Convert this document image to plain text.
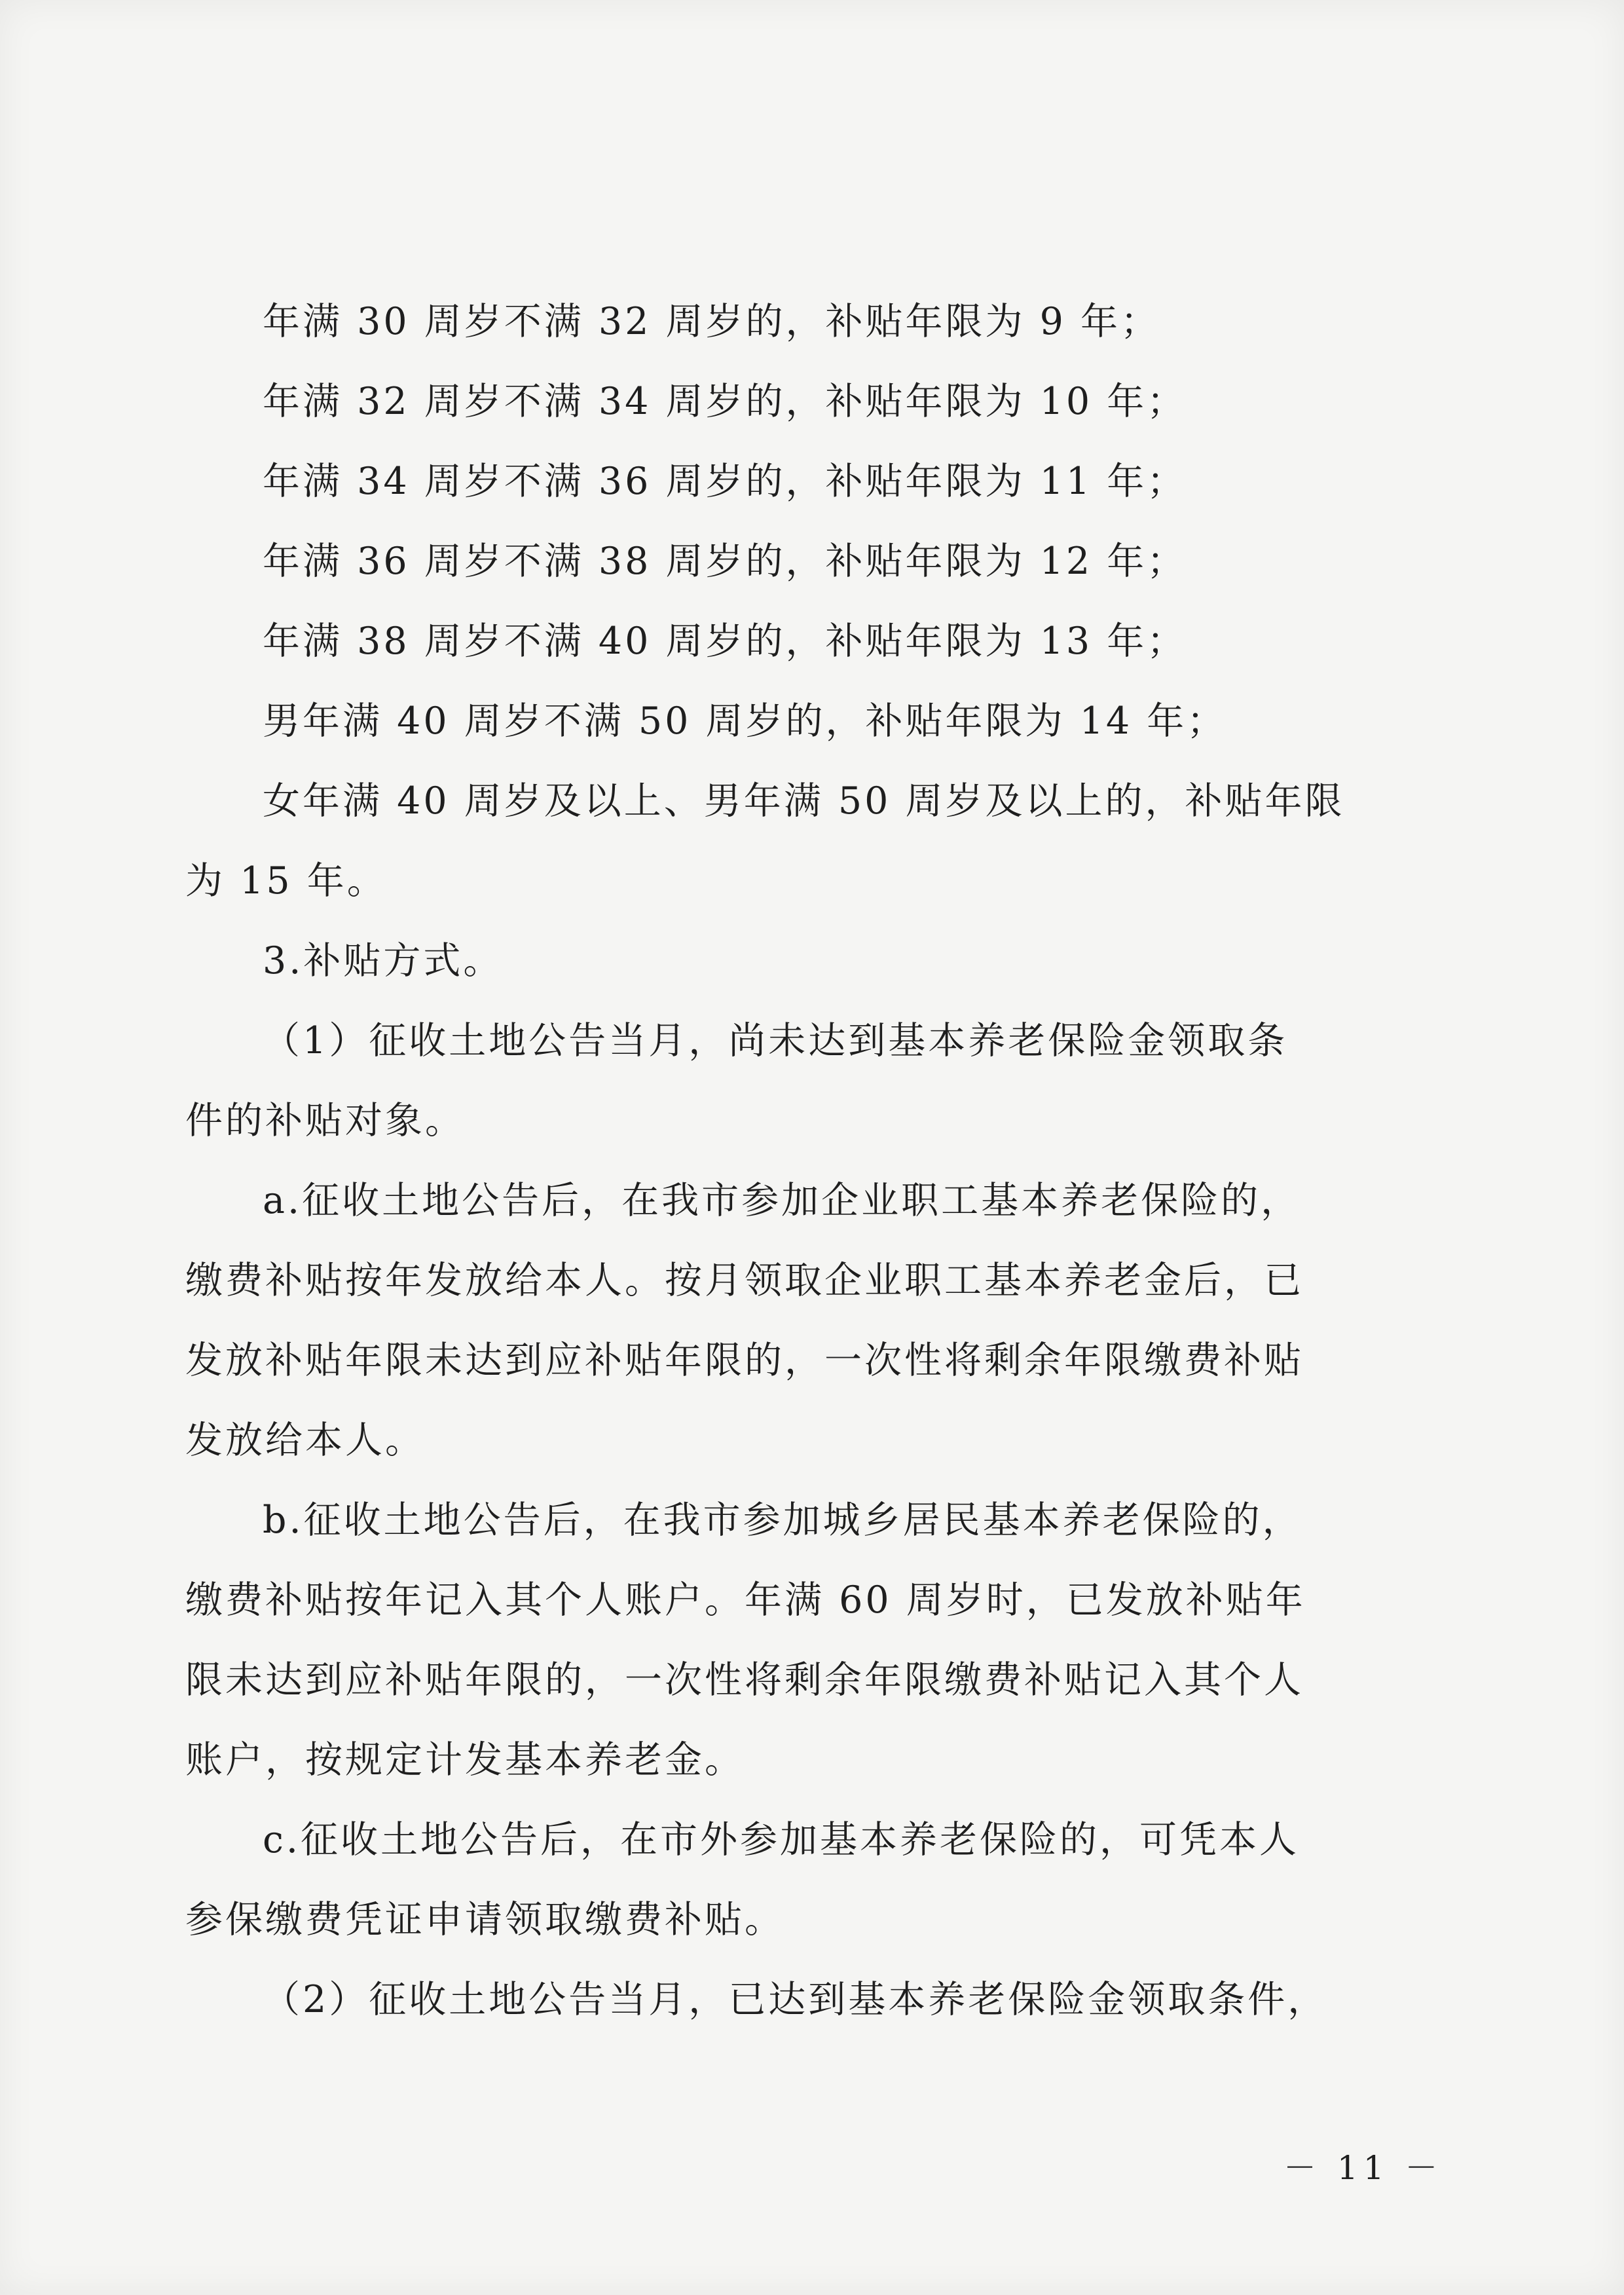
年满 30 周岁不满 32 周岁的，补贴年限为 9 年；
年满 32 周岁不满 34 周岁的，补贴年限为 10 年；
年满 34 周岁不满 36 周岁的，补贴年限为 11 年；
年满 36 周岁不满 38 周岁的，补贴年限为 12 年；
年满 38 周岁不满 40 周岁的，补贴年限为 13 年；
男年满 40 周岁不满 50 周岁的，补贴年限为 14 年；
女年满 40 周岁及以上、男年满 50 周岁及以上的，补贴年限
为 15 年。
3.补贴方式。
（1）征收土地公告当月，尚未达到基本养老保险金领取条
件的补贴对象。
a.征收土地公告后，在我市参加企业职工基本养老保险的，
缴费补贴按年发放给本人。按月领取企业职工基本养老金后，已
发放补贴年限未达到应补贴年限的，一次性将剩余年限缴费补贴
发放给本人。
b.征收土地公告后，在我市参加城乡居民基本养老保险的，
缴费补贴按年记入其个人账户。年满 60 周岁时，已发放补贴年
限未达到应补贴年限的，一次性将剩余年限缴费补贴记入其个人
账户，按规定计发基本养老金。
c.征收土地公告后，在市外参加基本养老保险的，可凭本人
参保缴费凭证申请领取缴费补贴。
（2）征收土地公告当月，已达到基本养老保险金领取条件，
－ 11 －
